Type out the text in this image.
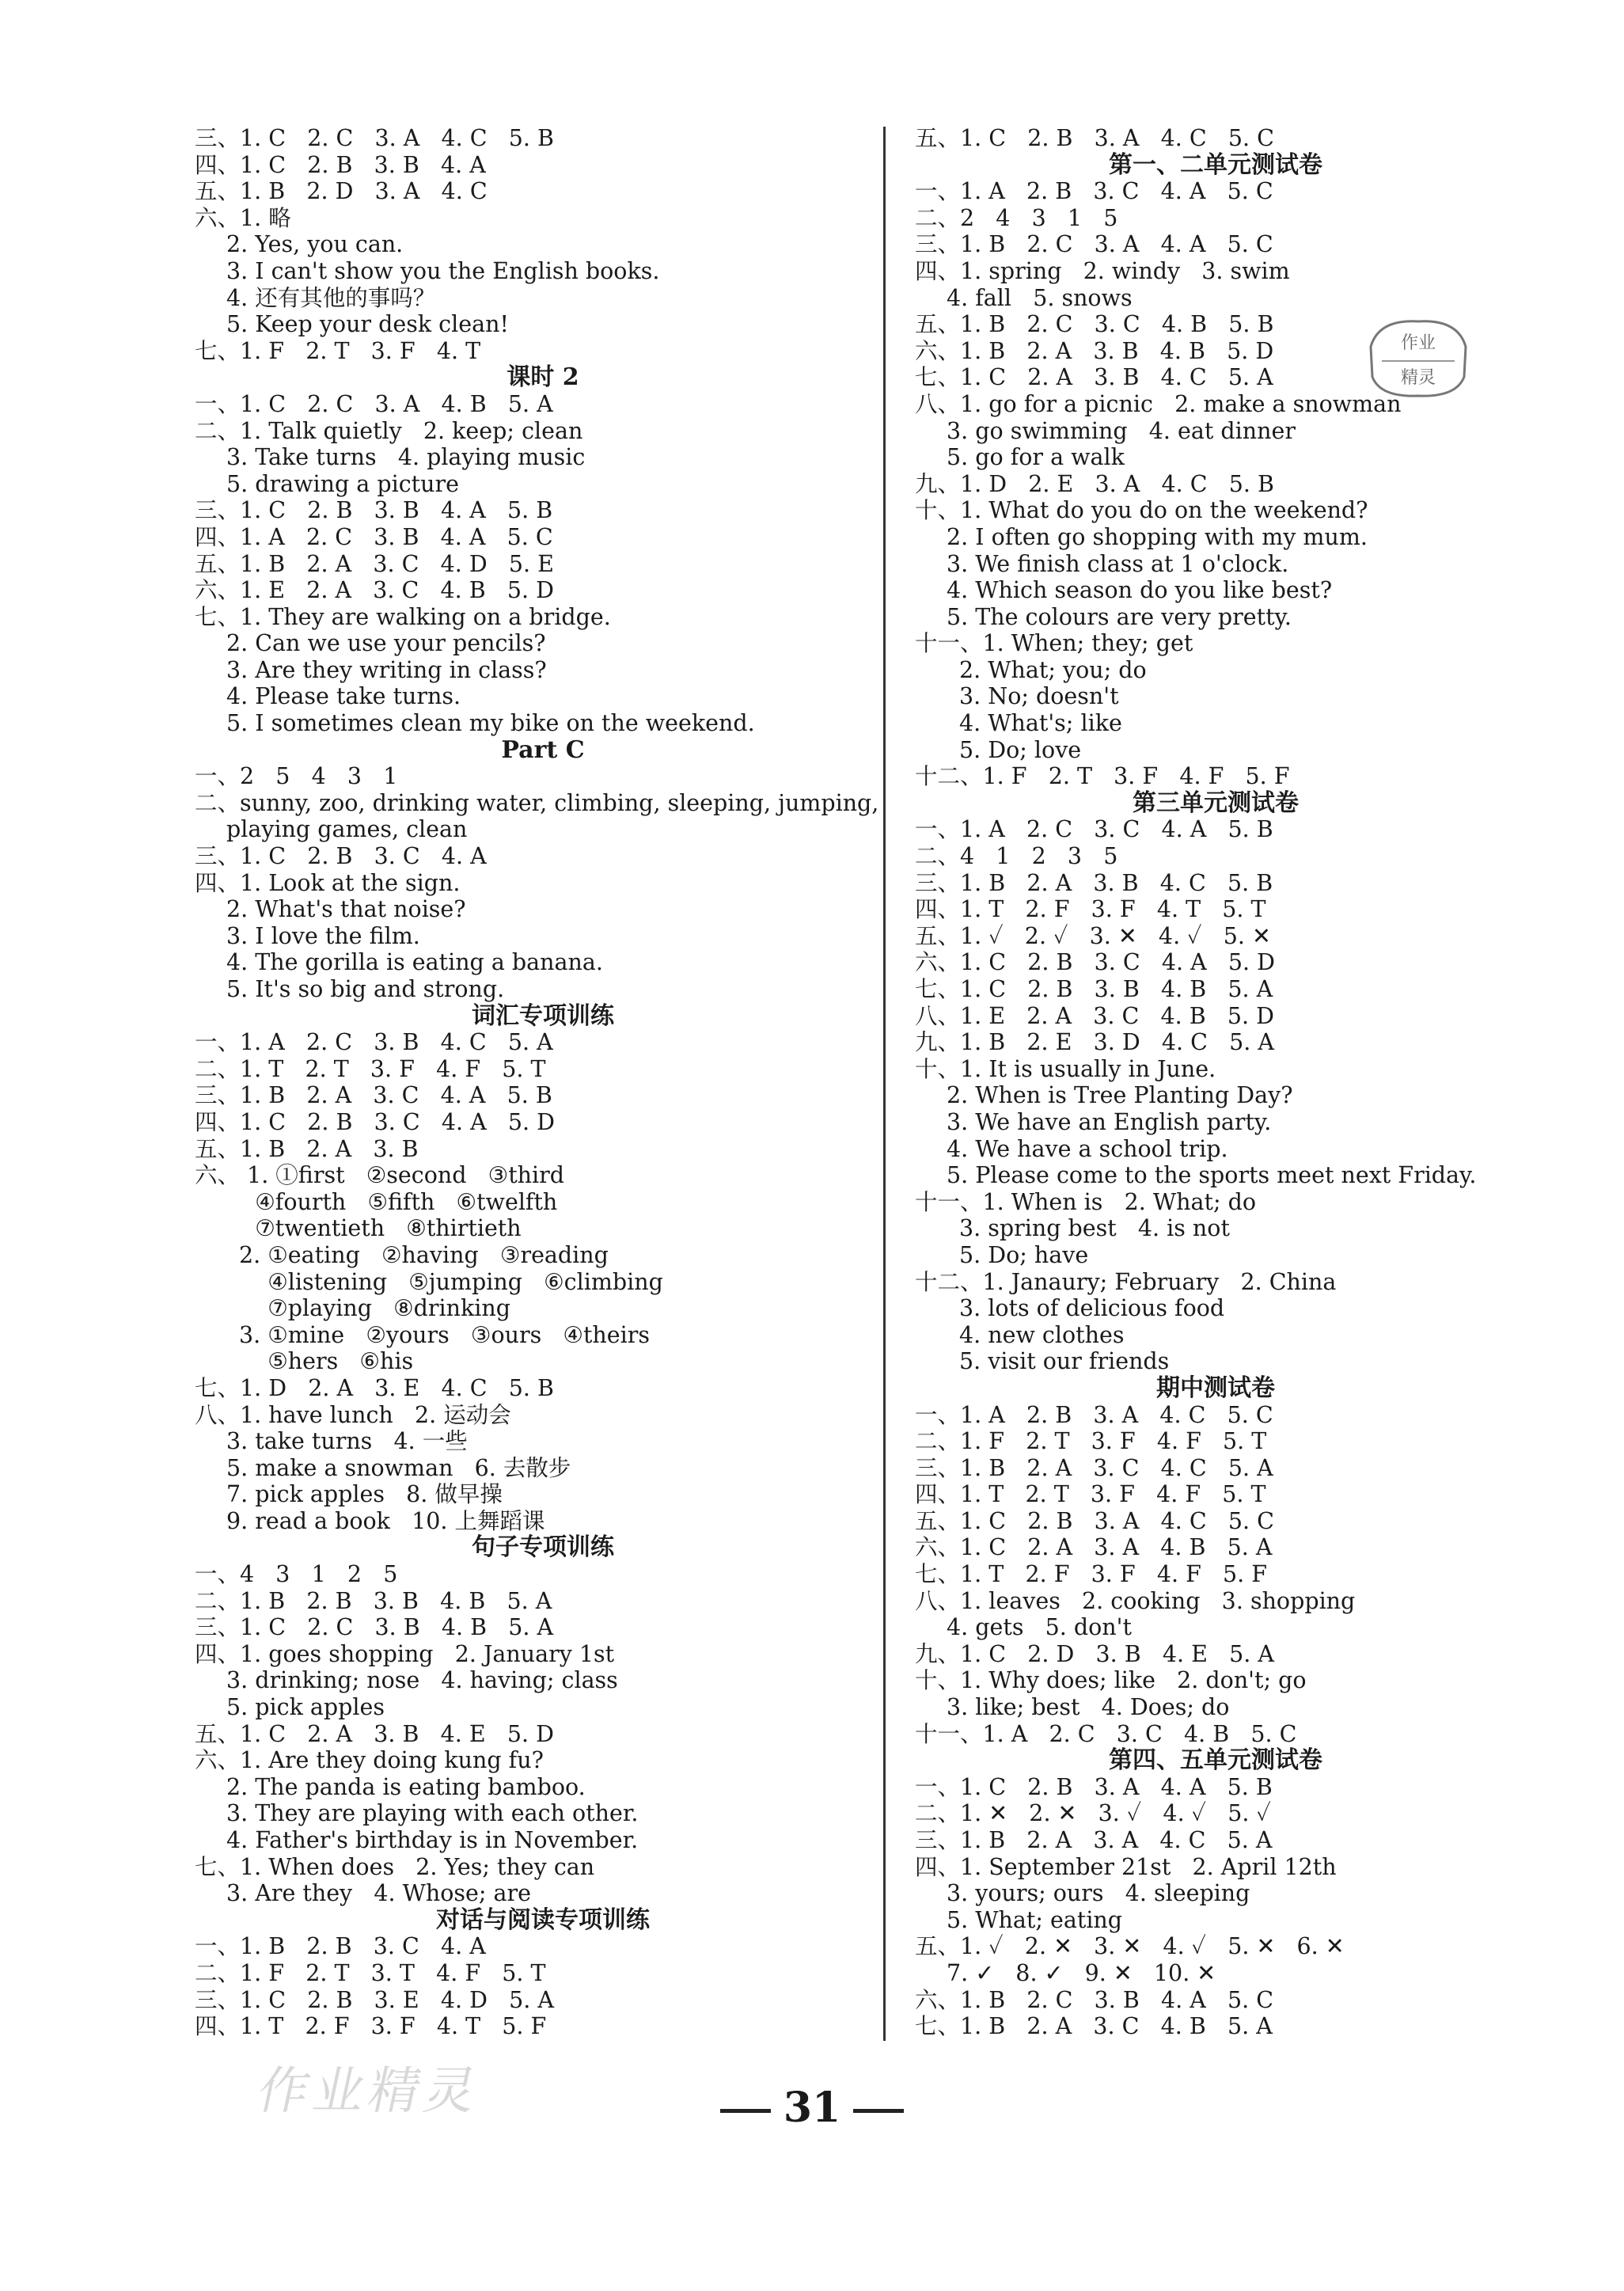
三、1. C   2. C   3. A   4. C   5. B
四、1. C   2. B   3. B   4. A
五、1. B   2. D   3. A   4. C
六、1. 略
2. Yes, you can.
3. I can't show you the English books.
4. 还有其他的事吗？
5. Keep your desk clean!
七、1. F   2. T   3. F   4. T
课时 2
一、1. C   2. C   3. A   4. B   5. A
二、1. Talk quietly   2. keep; clean
3. Take turns   4. playing music
5. drawing a picture
三、1. C   2. B   3. B   4. A   5. B
四、1. A   2. C   3. B   4. A   5. C
五、1. B   2. A   3. C   4. D   5. E
六、1. E   2. A   3. C   4. B   5. D
七、1. They are walking on a bridge.
2. Can we use your pencils?
3. Are they writing in class?
4. Please take turns.
5. I sometimes clean my bike on the weekend.
Part C
一、2   5   4   3   1
二、sunny, zoo, drinking water, climbing, sleeping, jumping,
playing games, clean
三、1. C   2. B   3. C   4. A
四、1. Look at the sign.
2. What's that noise?
3. I love the film.
4. The gorilla is eating a banana.
5. It's so big and strong.
词汇专项训练
一、1. A   2. C   3. B   4. C   5. A
二、1. T   2. T   3. F   4. F   5. T
三、1. B   2. A   3. C   4. A   5. B
四、1. C   2. B   3. C   4. A   5. D
五、1. B   2. A   3. B
六、 1. ①first   ②second   ③third
④fourth   ⑤fifth   ⑥twelfth
⑦twentieth   ⑧thirtieth
2. ①eating   ②having   ③reading
④listening   ⑤jumping   ⑥climbing
⑦playing   ⑧drinking
3. ①mine   ②yours   ③ours   ④theirs
⑤hers   ⑥his
七、1. D   2. A   3. E   4. C   5. B
八、1. have lunch   2. 运动会
3. take turns   4. 一些
5. make a snowman   6. 去散步
7. pick apples   8. 做早操
9. read a book   10. 上舞蹈课
句子专项训练
一、4   3   1   2   5
二、1. B   2. B   3. B   4. B   5. A
三、1. C   2. C   3. B   4. B   5. A
四、1. goes shopping   2. January 1st
3. drinking; nose   4. having; class
5. pick apples
五、1. C   2. A   3. B   4. E   5. D
六、1. Are they doing kung fu?
2. The panda is eating bamboo.
3. They are playing with each other.
4. Father's birthday is in November.
七、1. When does   2. Yes; they can
3. Are they   4. Whose; are
对话与阅读专项训练
一、1. B   2. B   3. C   4. A
二、1. F   2. T   3. T   4. F   5. T
三、1. C   2. B   3. E   4. D   5. A
四、1. T   2. F   3. F   4. T   5. F
五、1. C   2. B   3. A   4. C   5. C
第一、二单元测试卷
一、1. A   2. B   3. C   4. A   5. C
二、2   4   3   1   5
三、1. B   2. C   3. A   4. A   5. C
四、1. spring   2. windy   3. swim
4. fall   5. snows
五、1. B   2. C   3. C   4. B   5. B
六、1. B   2. A   3. B   4. B   5. D
七、1. C   2. A   3. B   4. C   5. A
八、1. go for a picnic   2. make a snowman
3. go swimming   4. eat dinner
5. go for a walk
九、1. D   2. E   3. A   4. C   5. B
十、1. What do you do on the weekend?
2. I often go shopping with my mum.
3. We finish class at 1 o'clock.
4. Which season do you like best?
5. The colours are very pretty.
十一、1. When; they; get
2. What; you; do
3. No; doesn't
4. What's; like
5. Do; love
十二、1. F   2. T   3. F   4. F   5. F
第三单元测试卷
一、1. A   2. C   3. C   4. A   5. B
二、4   1   2   3   5
三、1. B   2. A   3. B   4. C   5. B
四、1. T   2. F   3. F   4. T   5. T
五、1. ✓   2. ✓   3. ✕   4. ✓   5. ✕
六、1. C   2. B   3. C   4. A   5. D
七、1. C   2. B   3. B   4. B   5. A
八、1. E   2. A   3. C   4. B   5. D
九、1. B   2. E   3. D   4. C   5. A
十、1. It is usually in June.
2. When is Tree Planting Day?
3. We have an English party.
4. We have a school trip.
5. Please come to the sports meet next Friday.
十一、1. When is   2. What; do
3. spring best   4. is not
5. Do; have
十二、1. Janaury; February   2. China
3. lots of delicious food
4. new clothes
5. visit our friends
期中测试卷
一、1. A   2. B   3. A   4. C   5. C
二、1. F   2. T   3. F   4. F   5. T
三、1. B   2. A   3. C   4. C   5. A
四、1. T   2. T   3. F   4. F   5. T
五、1. C   2. B   3. A   4. C   5. C
六、1. C   2. A   3. A   4. B   5. A
七、1. T   2. F   3. F   4. F   5. F
八、1. leaves   2. cooking   3. shopping
4. gets   5. don't
九、1. C   2. D   3. B   4. E   5. A
十、1. Why does; like   2. don't; go
3. like; best   4. Does; do
十一、1. A   2. C   3. C   4. B   5. C
第四、五单元测试卷
一、1. C   2. B   3. A   4. A   5. B
二、1. ✕   2. ✕   3. ✓   4. ✓   5. ✓
三、1. B   2. A   3. A   4. C   5. A
四、1. September 21st   2. April 12th
3. yours; ours   4. sleeping
5. What; eating
五、1. ✓   2. ✕   3. ✕   4. ✓   5. ✕   6. ✕
7. ✓   8. ✓   9. ✕   10. ✕
六、1. B   2. C   3. B   4. A   5. C
七、1. B   2. A   3. C   4. B   5. A
作业
精灵
作业精灵	31
